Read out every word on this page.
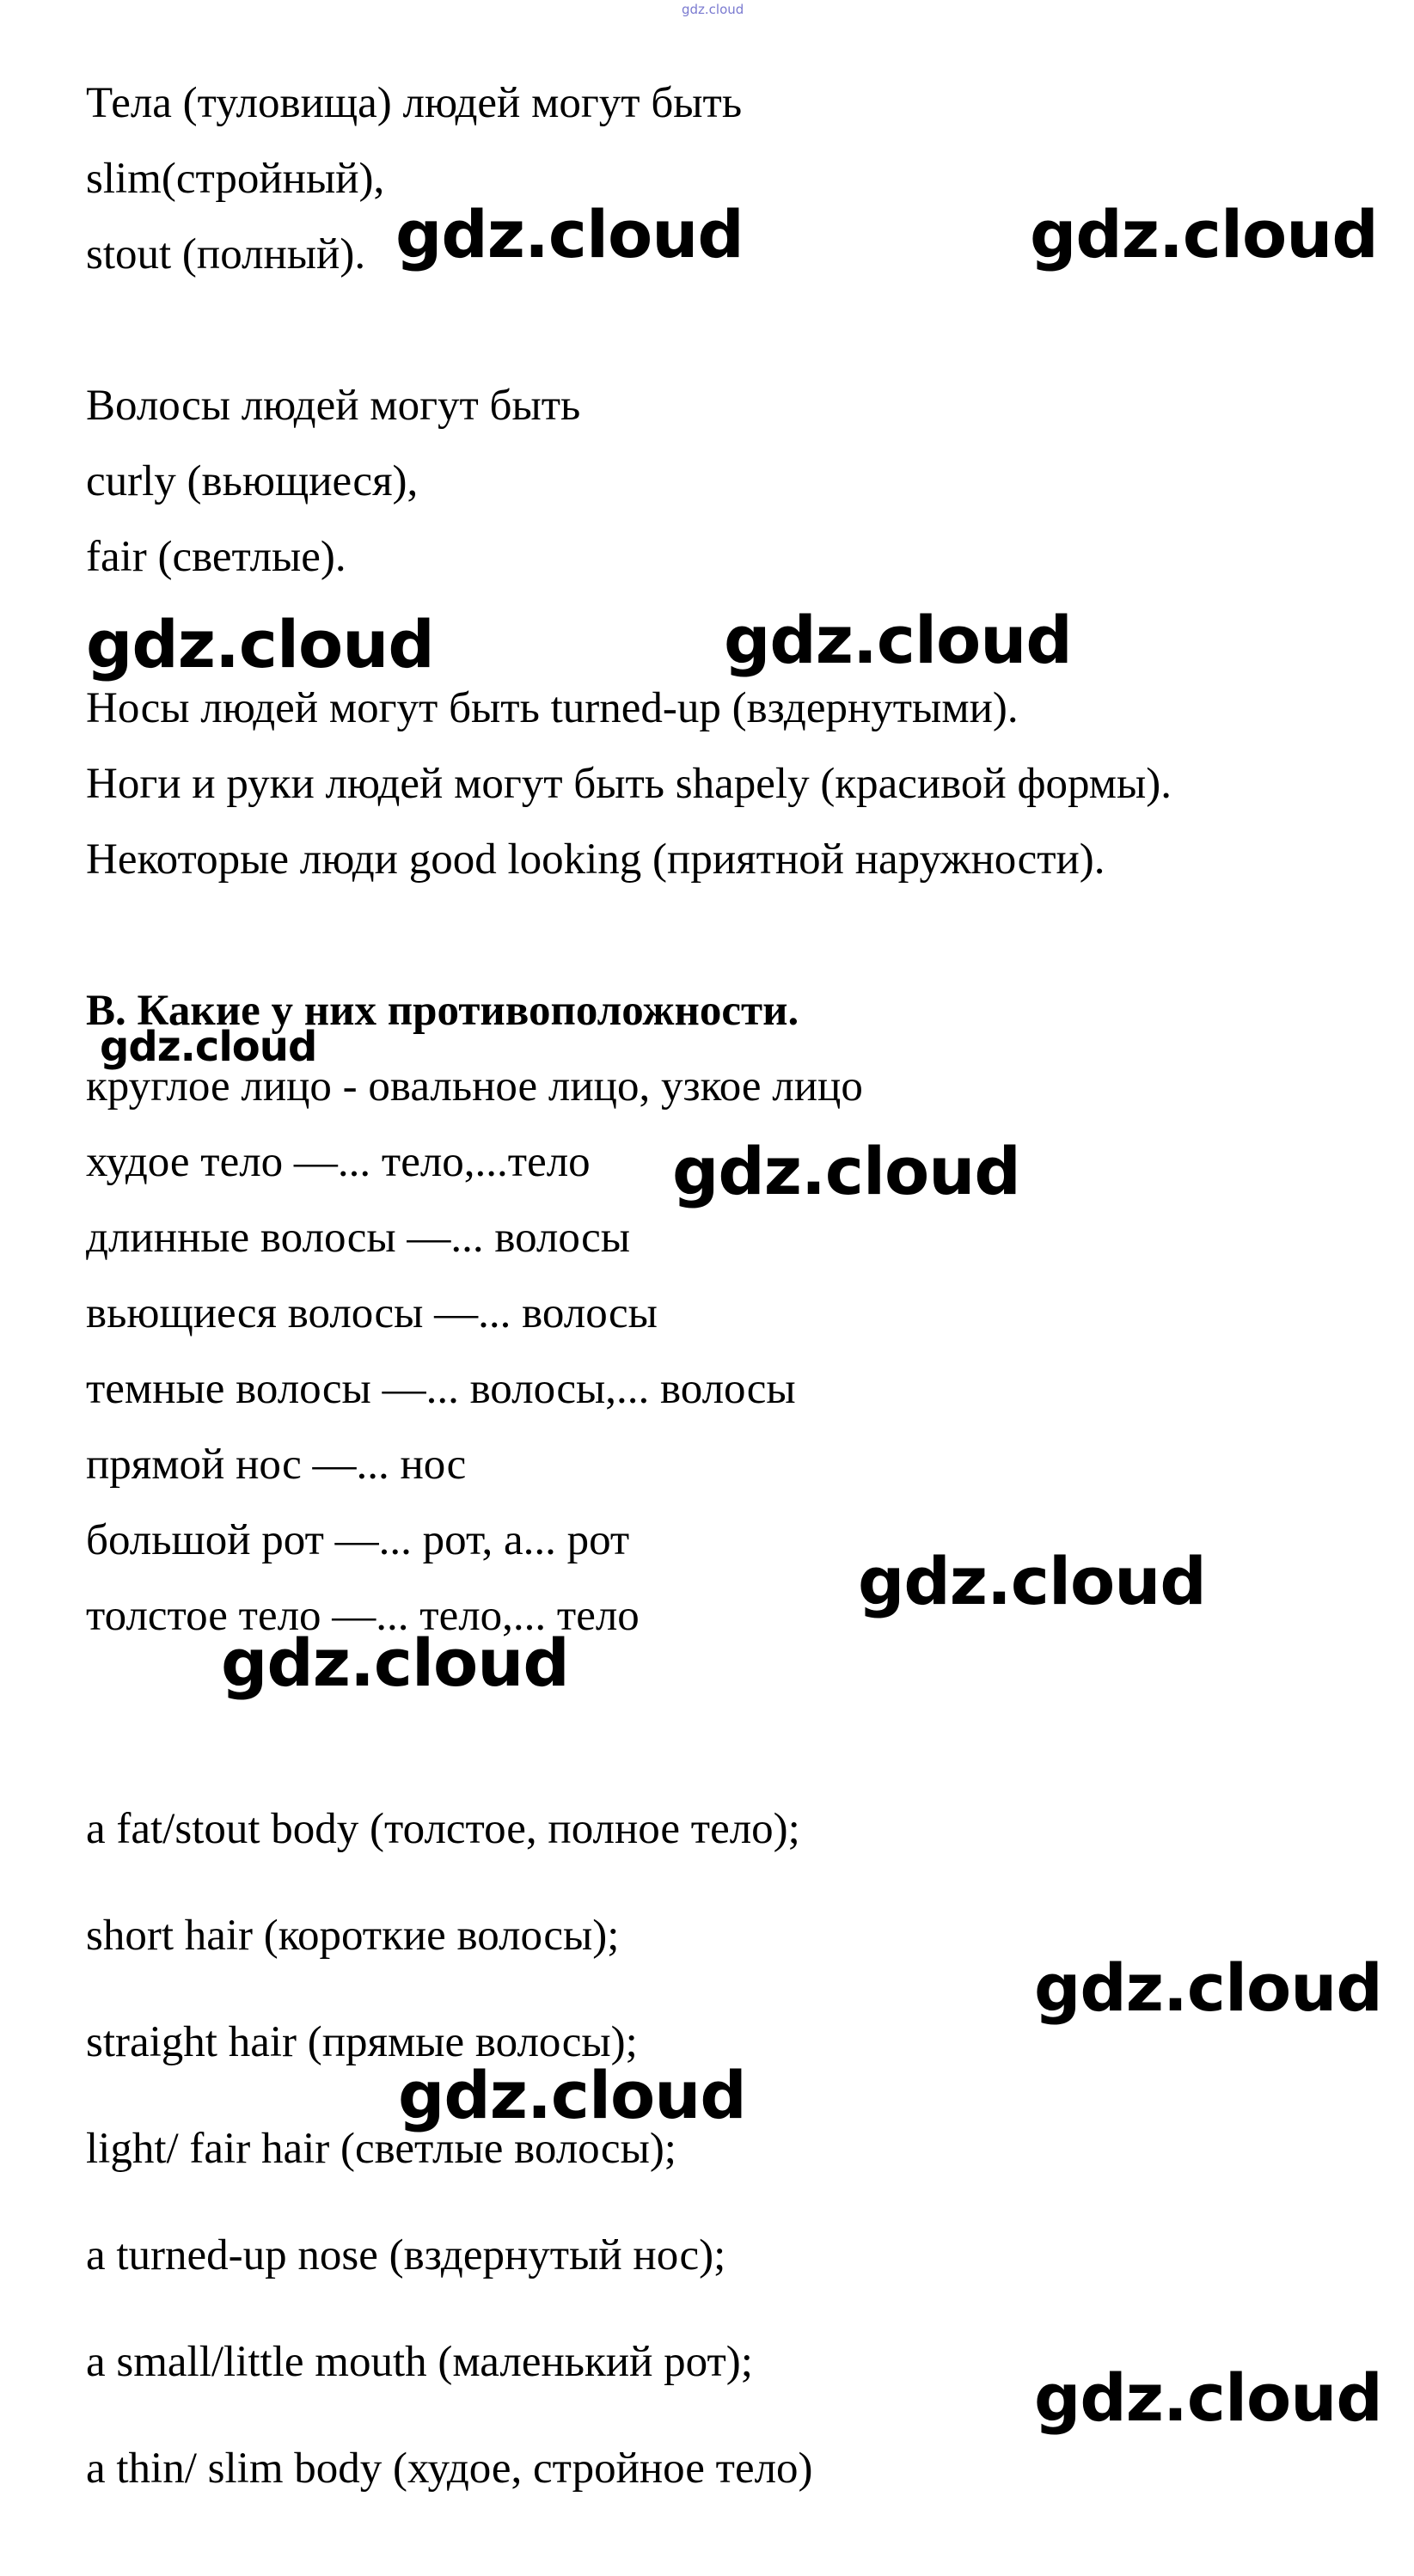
gdz.cloud
Тела (туловища) людей могут быть
slim(стройный),
stout (полный).
Волосы людей могут быть
curly (вьющиеся),
fair (светлые).
Носы людей могут быть turned-up (вздернутыми).
Ноги и руки людей могут быть shapely (красивой формы).
Некоторые люди good looking (приятной наружности).
B. Какие у них противоположности.
круглое лицо - овальное лицо, узкое лицо
худое тело —... тело,...тело
длинные волосы —... волосы
вьющиеся волосы —... волосы
темные волосы —... волосы,... волосы
прямой нос —... нос
большой рот —... рот, а... рот
толстое тело —... тело,... тело
a fat/stout body (толстое, полное тело);
short hair (короткие волосы);
straight hair (прямые волосы);
light/ fair hair (светлые волосы);
a turned-up nose (вздернутый нос);
a small/little mouth (маленький рот);
a thin/ slim body (худое, стройное тело)
gdz.cloud	gdz.cloud
gdz.cloud	gdz.cloud
gdz.cloud
gdz.cloud
gdz.cloud
gdz.cloud
gdz.cloud
gdz.cloud
gdz.cloud
